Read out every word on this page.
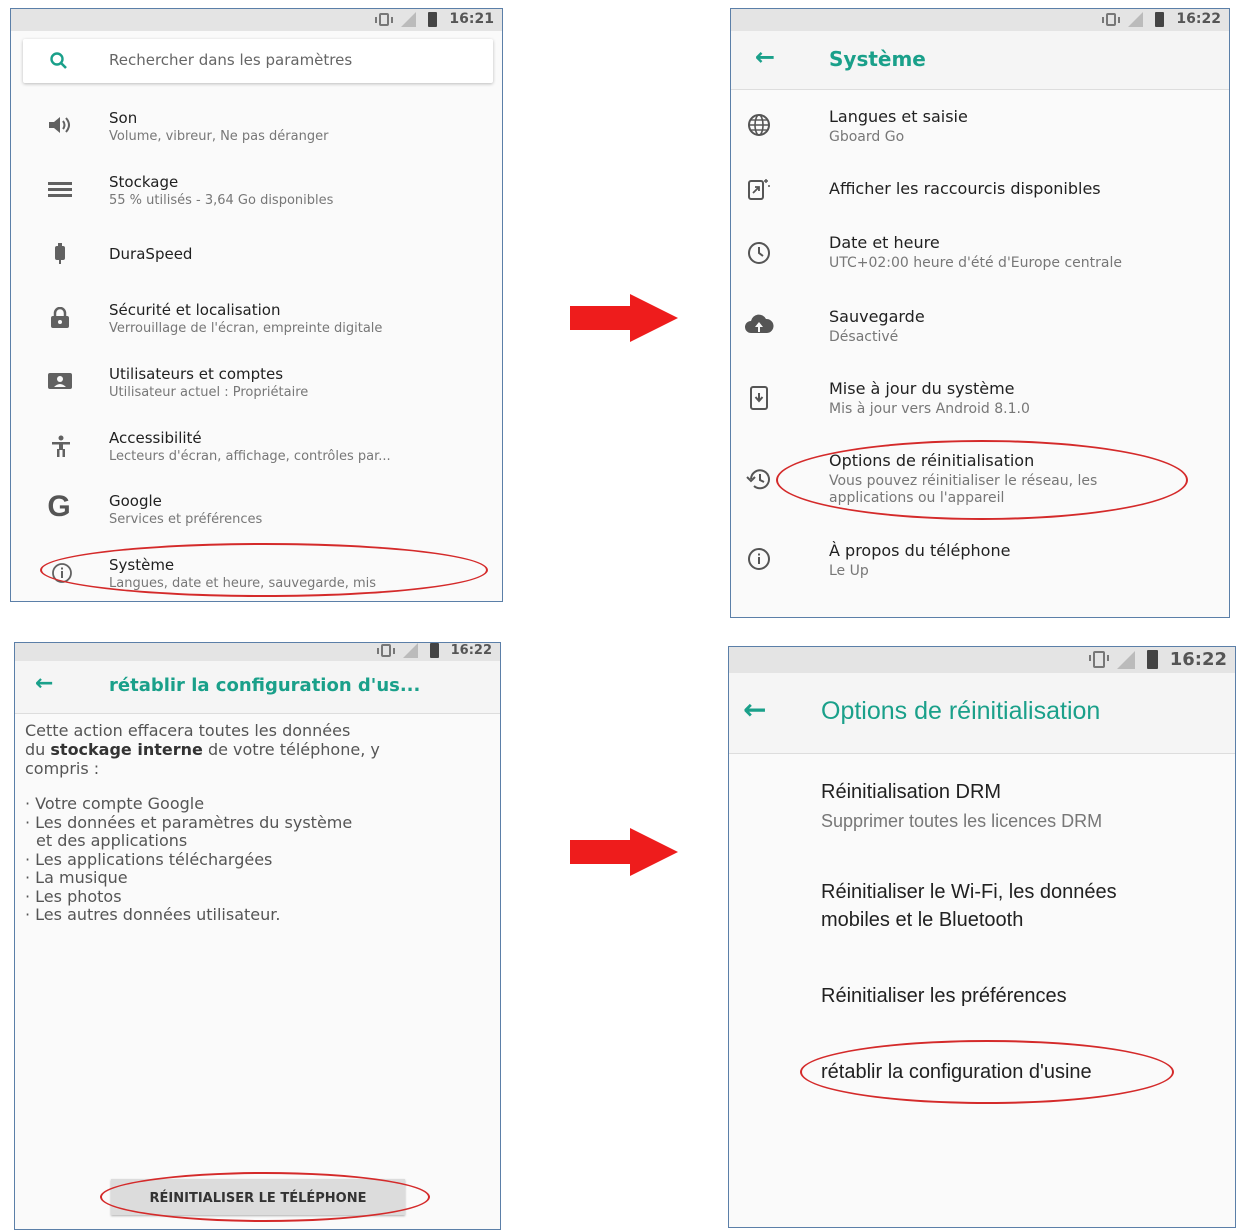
16:21
Rechercher dans les paramètres
Son
Volume, vibreur, Ne pas déranger
Stockage
55 % utilisés - 3,64 Go disponibles
DuraSpeed
Sécurité et localisation
Verrouillage de l'écran, empreinte digitale
Utilisateurs et comptes
Utilisateur actuel : Propriétaire
Accessibilité
Lecteurs d'écran, affichage, contrôles par...
G	Google
Services et préférences
Système
Langues, date et heure, sauvegarde, mis
16:22
←	Système
Langues et saisie
Gboard Go
Afficher les raccourcis disponibles
Date et heure
UTC+02:00 heure d'été d'Europe centrale
Sauvegarde
Désactivé
Mise à jour du système
Mis à jour vers Android 8.1.0
Options de réinitialisation
Vous pouvez réinitialiser le réseau, les
applications ou l'appareil
À propos du téléphone
Le Up
16:22
←	rétablir la configuration d'us...
Cette action effacera toutes les données
du stockage interne de votre téléphone, y
compris :
· Votre compte Google
· Les données et paramètres du système
et des applications
· Les applications téléchargées
· La musique
· Les photos
· Les autres données utilisateur.
RÉINITIALISER LE TÉLÉPHONE
16:22
← Options de réinitialisation
Réinitialisation DRM
Supprimer toutes les licences DRM
Réinitialiser le Wi-Fi, les données
mobiles et le Bluetooth
Réinitialiser les préférences
rétablir la configuration d'usine
